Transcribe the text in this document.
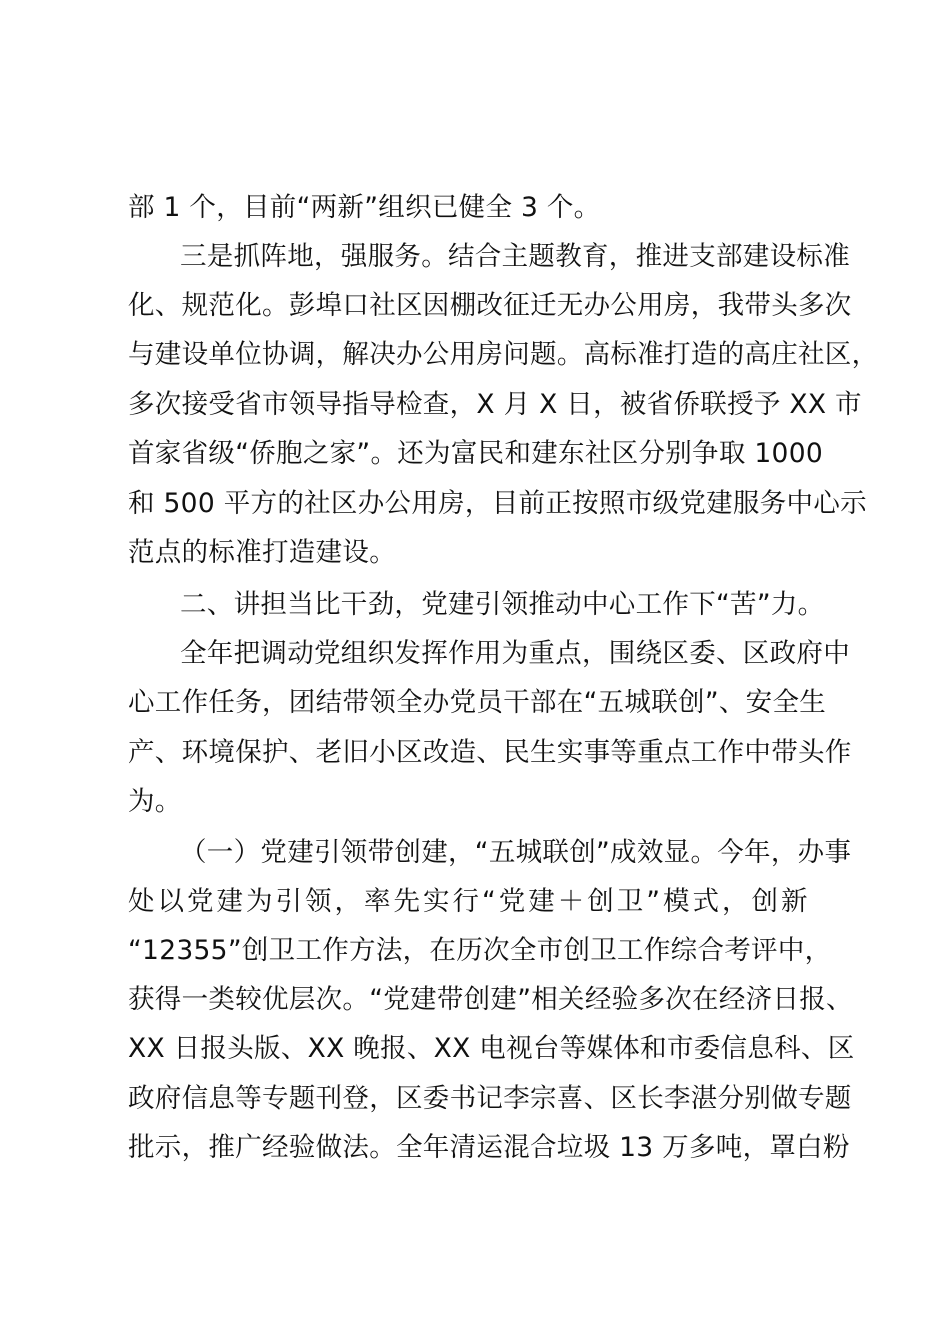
部 1 个，目前“两新”组织已健全 3 个。
三是抓阵地，强服务。结合主题教育，推进支部建设标准
化、规范化。彭埠口社区因棚改征迁无办公用房，我带头多次
与建设单位协调，解决办公用房问题。高标准打造的高庄社区，
多次接受省市领导指导检查，X 月 X 日，被省侨联授予 XX 市
首家省级“侨胞之家”。还为富民和建东社区分别争取 1000
和 500 平方的社区办公用房，目前正按照市级党建服务中心示
范点的标准打造建设。
二、讲担当比干劲，党建引领推动中心工作下“苦”力。
全年把调动党组织发挥作用为重点，围绕区委、区政府中
心工作任务，团结带领全办党员干部在“五城联创”、安全生
产、环境保护、老旧小区改造、民生实事等重点工作中带头作
为。
（一）党建引领带创建，“五城联创”成效显。今年，办事
处以党建为引领，率先实行“党建＋创卫”模式，创新
“12355”创卫工作方法，在历次全市创卫工作综合考评中，
获得一类较优层次。“党建带创建”相关经验多次在经济日报、
XX 日报头版、XX 晚报、XX 电视台等媒体和市委信息科、区
政府信息等专题刊登，区委书记李宗喜、区长李湛分别做专题
批示，推广经验做法。全年清运混合垃圾 13 万多吨，罩白粉
